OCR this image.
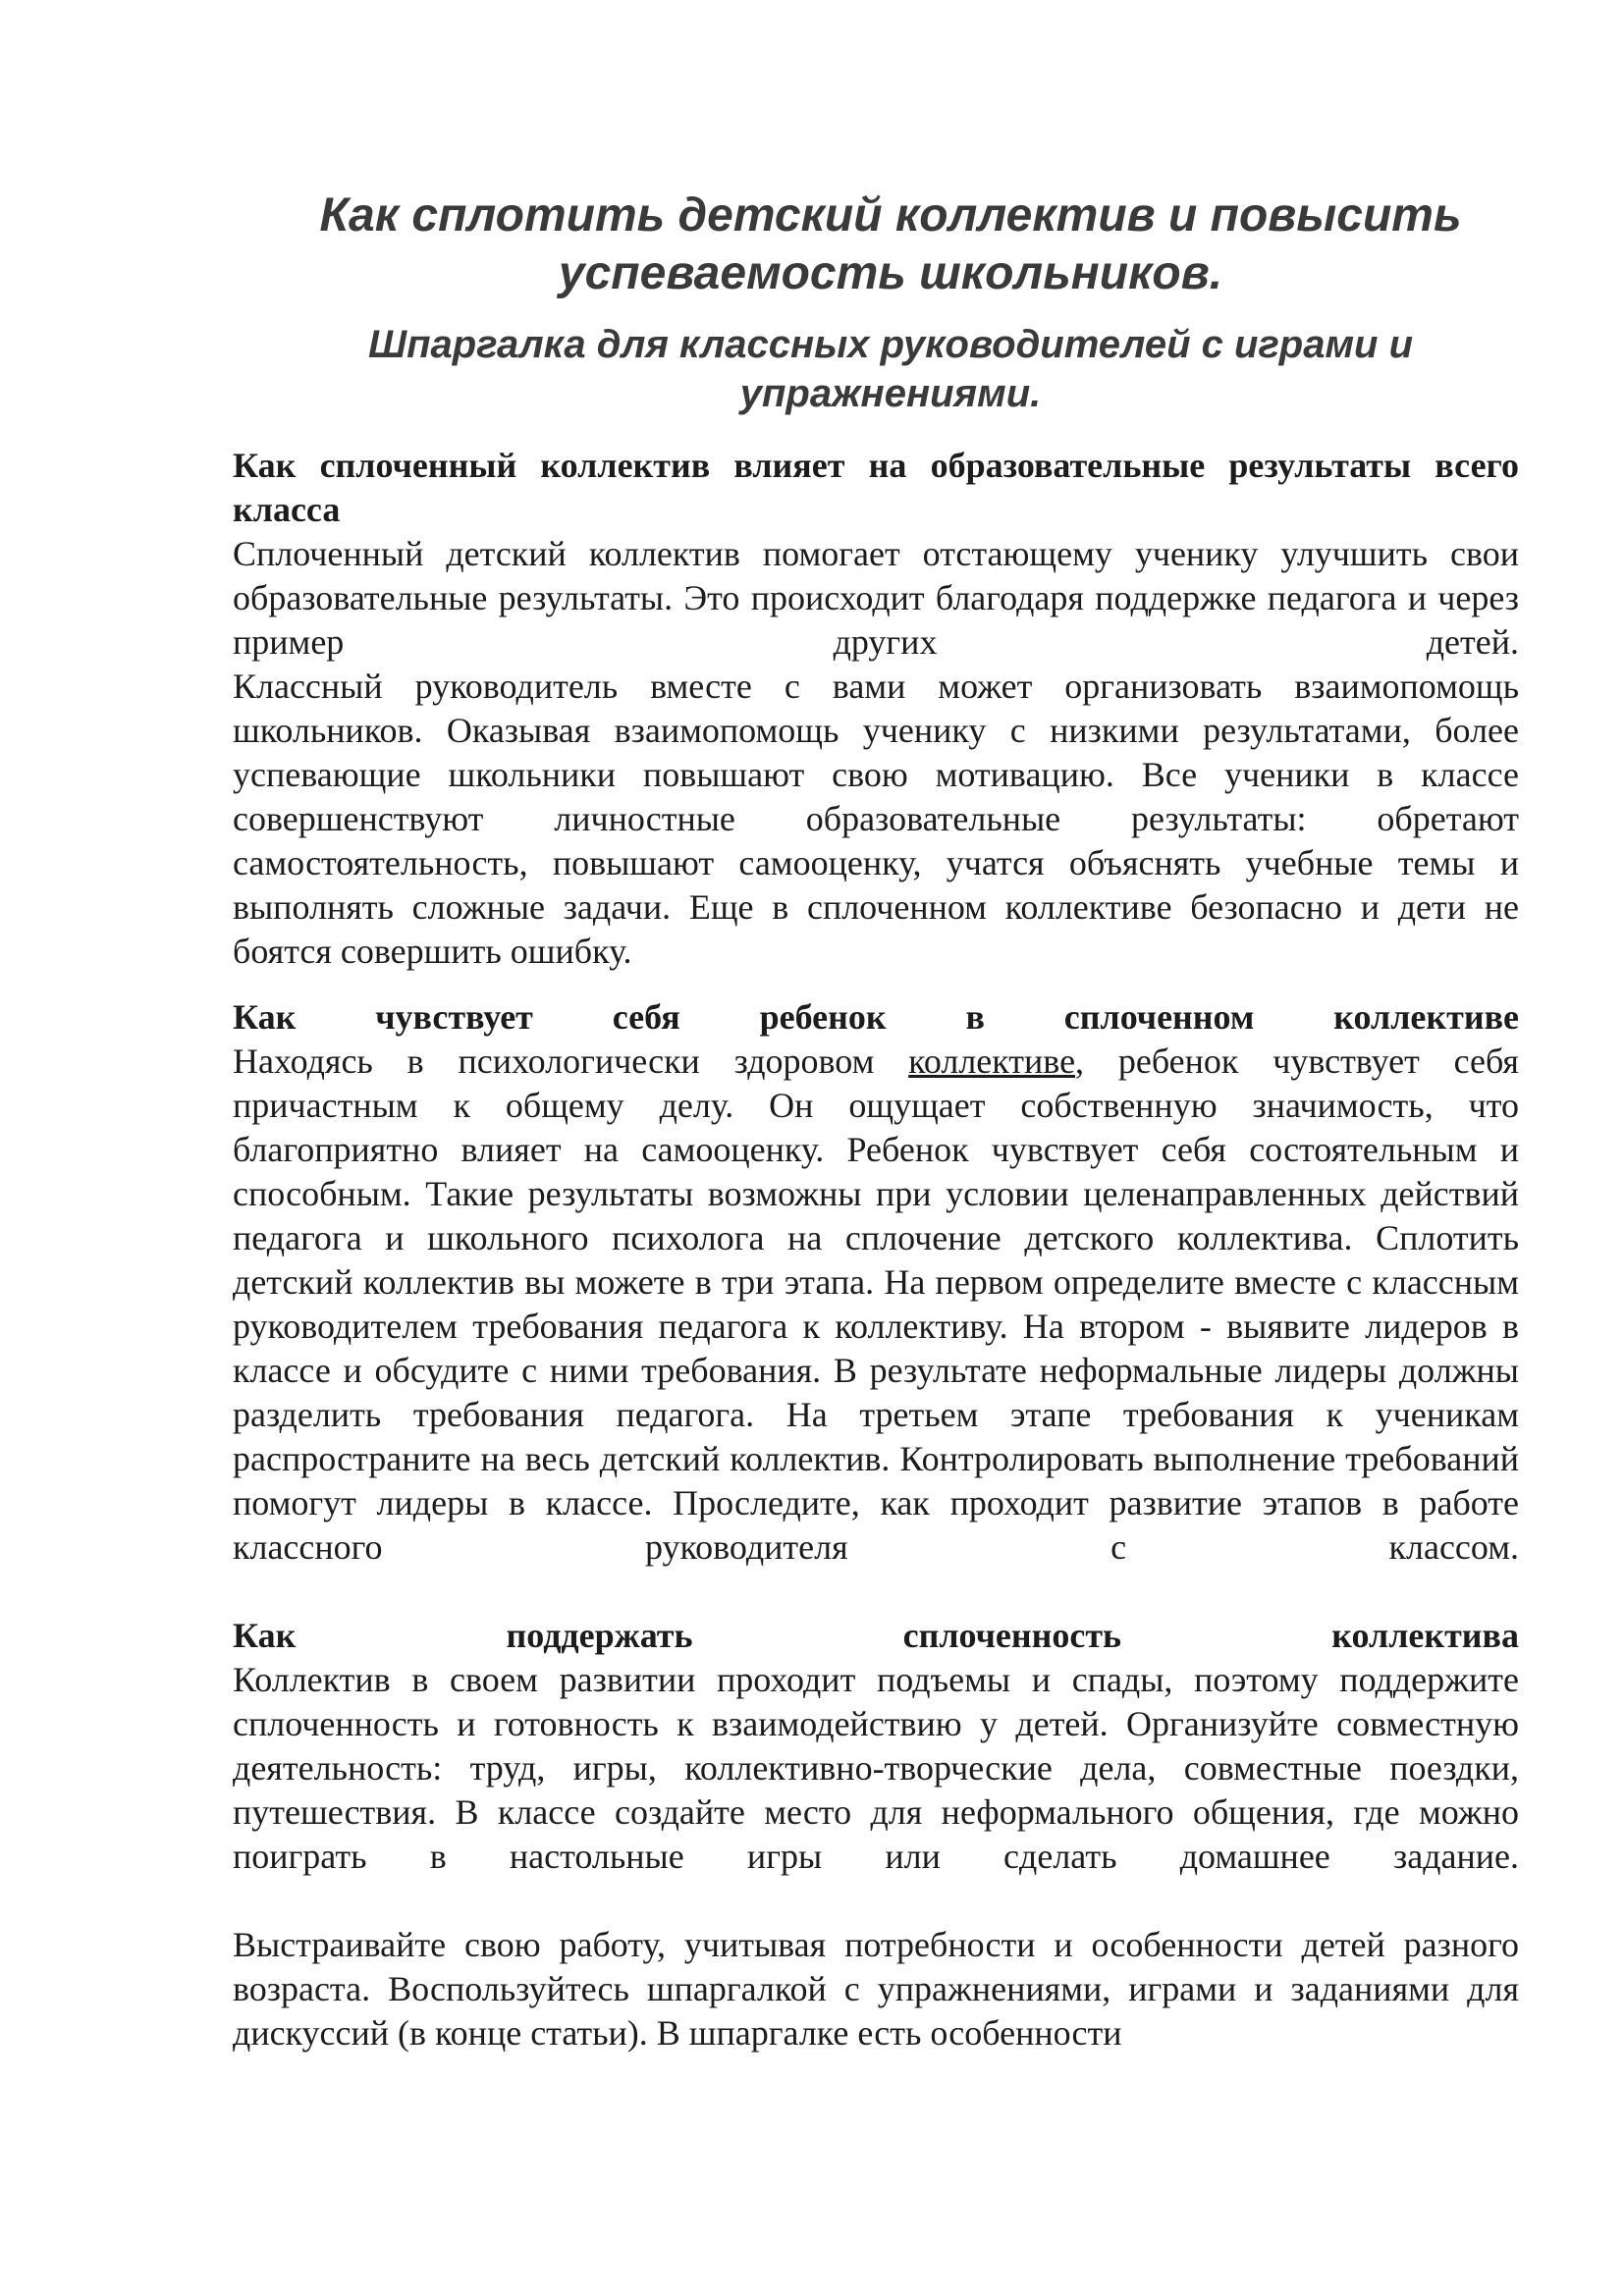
Как сплотить детский коллектив и повысить успеваемость школьников.
Шпаргалка для классных руководителей с играми и упражнениями.
Как сплоченный коллектив влияет на образовательные результаты всего класса
Сплоченный детский коллектив помогает отстающему ученику улучшить свои образовательные результаты. Это происходит благодаря поддержке педагога и через пример других детей.
Классный руководитель вместе с вами может организовать взаимопомощь школьников. Оказывая взаимопомощь ученику с низкими результатами, более успевающие школьники повышают свою мотивацию. Все ученики в классе совершенствуют личностные образовательные результаты: обретают самостоятельность, повышают самооценку, учатся объяснять учебные темы и выполнять сложные задачи. Еще в сплоченном коллективе безопасно и дети не боятся совершить ошибку.
Как чувствует себя ребенок в сплоченном коллективе
Находясь в психологически здоровом коллективе, ребенок чувствует себя причастным к общему делу. Он ощущает собственную значимость, что благоприятно влияет на самооценку. Ребенок чувствует себя состоятельным и способным. Такие результаты возможны при условии целенаправленных действий педагога и школьного психолога на сплочение детского коллектива. Сплотить детский коллектив вы можете в три этапа. На первом определите вместе с классным руководителем требования педагога к коллективу. На втором - выявите лидеров в классе и обсудите с ними требования. В результате неформальные лидеры должны разделить требования педагога. На третьем этапе требования к ученикам распространите на весь детский коллектив. Контролировать выполнение требований помогут лидеры в классе. Проследите, как проходит развитие этапов в работе классного руководителя с классом.
Как поддержать сплоченность коллектива
Коллектив в своем развитии проходит подъемы и спады, поэтому поддержите сплоченность и готовность к взаимодействию у детей. Организуйте совместную деятельность: труд, игры, коллективно-творческие дела, совместные поездки, путешествия. В классе создайте место для неформального общения, где можно поиграть в настольные игры или сделать домашнее задание.
Выстраивайте свою работу, учитывая потребности и особенности детей разного возраста. Воспользуйтесь шпаргалкой с упражнениями, играми и заданиями для дискуссий (в конце статьи). В шпаргалке есть особенности
